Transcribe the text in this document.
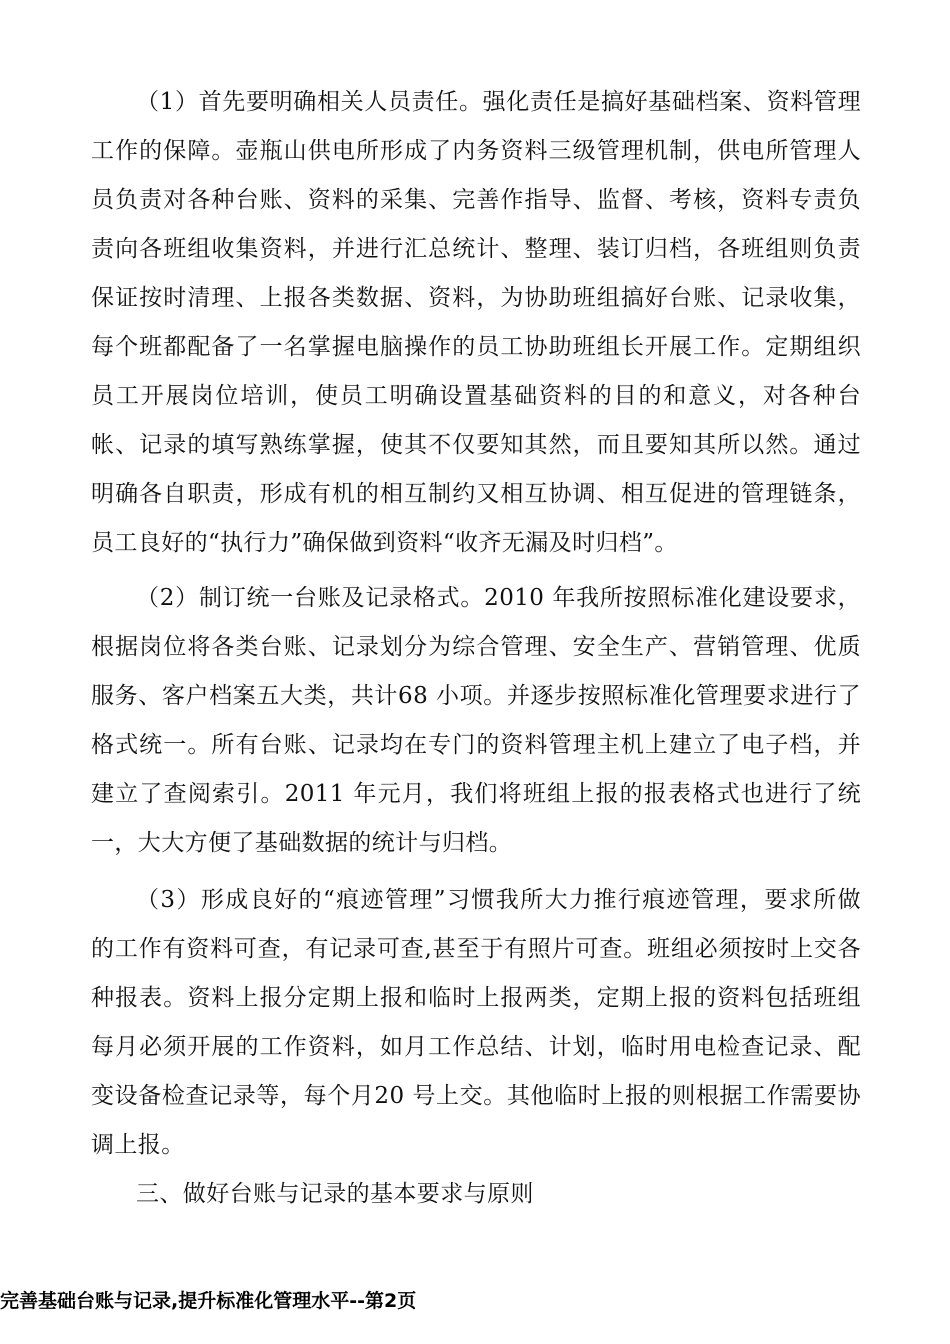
（1）首先要明确相关人员责任。强化责任是搞好基础档案、资料管理
工作的保障。壶瓶山供电所形成了内务资料三级管理机制，供电所管理人
员负责对各种台账、资料的采集、完善作指导、监督、考核，资料专责负
责向各班组收集资料，并进行汇总统计、整理、装订归档，各班组则负责
保证按时清理、上报各类数据、资料，为协助班组搞好台账、记录收集，
每个班都配备了一名掌握电脑操作的员工协助班组长开展工作。定期组织
员工开展岗位培训，使员工明确设置基础资料的目的和意义，对各种台
帐、记录的填写熟练掌握，使其不仅要知其然，而且要知其所以然。通过
明确各自职责，形成有机的相互制约又相互协调、相互促进的管理链条，
员工良好的“执行力”确保做到资料“收齐无漏及时归档”。
（2）制订统一台账及记录格式。2010 年我所按照标准化建设要求，
根据岗位将各类台账、记录划分为综合管理、安全生产、营销管理、优质
服务、客户档案五大类，共计68 小项。并逐步按照标准化管理要求进行了
格式统一。所有台账、记录均在专门的资料管理主机上建立了电子档，并
建立了查阅索引。2011 年元月，我们将班组上报的报表格式也进行了统
一，大大方便了基础数据的统计与归档。
（3）形成良好的“痕迹管理”习惯我所大力推行痕迹管理，要求所做
的工作有资料可查，有记录可查,甚至于有照片可查。班组必须按时上交各
种报表。资料上报分定期上报和临时上报两类，定期上报的资料包括班组
每月必须开展的工作资料，如月工作总结、计划，临时用电检查记录、配
变设备检查记录等，每个月20 号上交。其他临时上报的则根据工作需要协
调上报。
三、做好台账与记录的基本要求与原则
完善基础台账与记录,提升标准化管理水平--第2页
